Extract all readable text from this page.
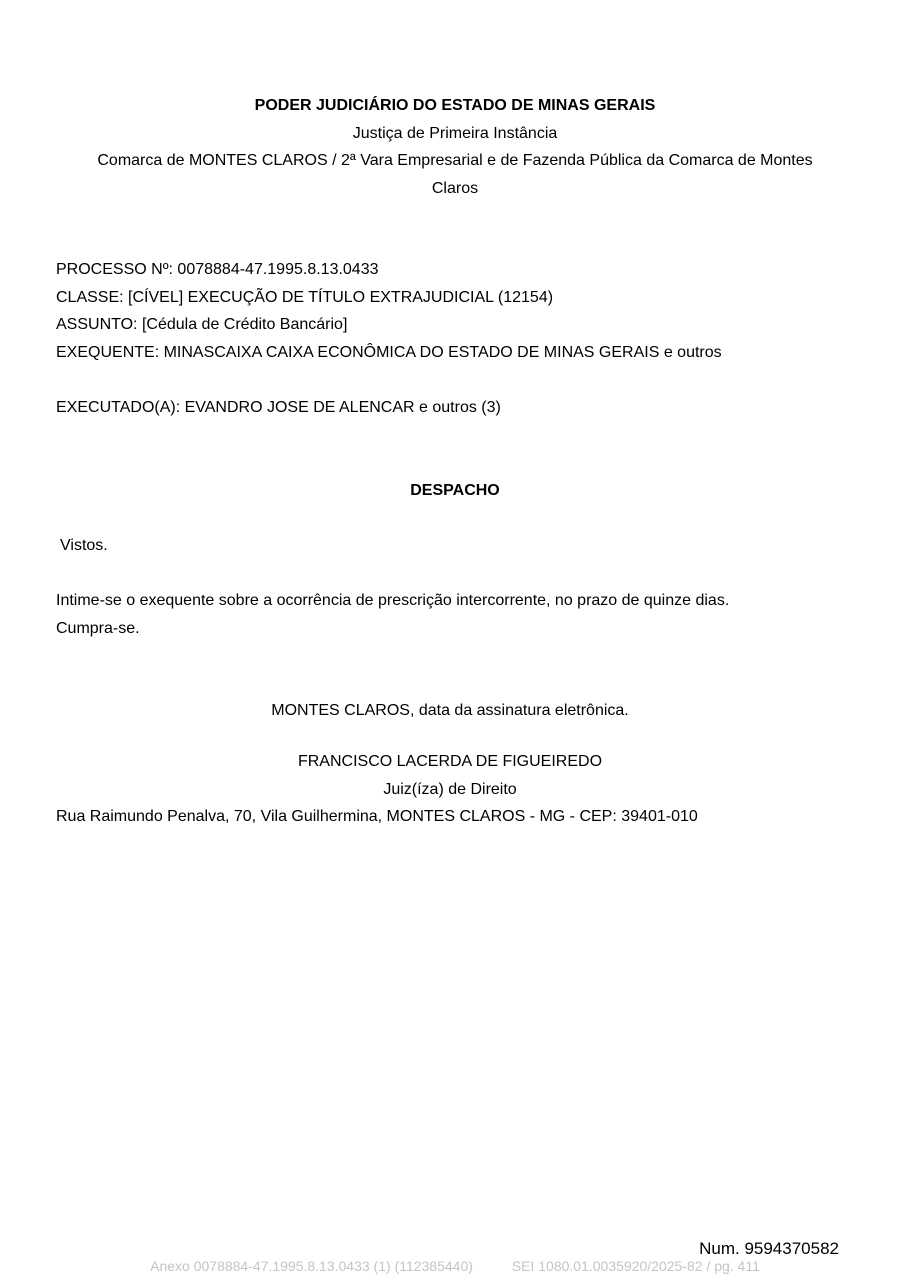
PODER JUDICIÁRIO DO ESTADO DE MINAS GERAIS
Justiça de Primeira Instância
Comarca de MONTES CLAROS / 2ª Vara Empresarial e de Fazenda Pública da Comarca de Montes
Claros
PROCESSO Nº: 0078884-47.1995.8.13.0433
CLASSE: [CÍVEL] EXECUÇÃO DE TÍTULO EXTRAJUDICIAL (12154)
ASSUNTO: [Cédula de Crédito Bancário]
EXEQUENTE: MINASCAIXA CAIXA ECONÔMICA DO ESTADO DE MINAS GERAIS e outros
EXECUTADO(A): EVANDRO JOSE DE ALENCAR e outros (3)
DESPACHO
Vistos.
Intime-se o exequente sobre a ocorrência de prescrição intercorrente, no prazo de quinze dias.
Cumpra-se.
MONTES CLAROS, data da assinatura eletrônica.
FRANCISCO LACERDA DE FIGUEIREDO
Juiz(íza) de Direito
Rua Raimundo Penalva, 70, Vila Guilhermina, MONTES CLAROS - MG - CEP: 39401-010
Num. 9594370582
Anexo 0078884-47.1995.8.13.0433 (1) (112385440)	SEI 1080.01.0035920/2025-82 / pg. 411
